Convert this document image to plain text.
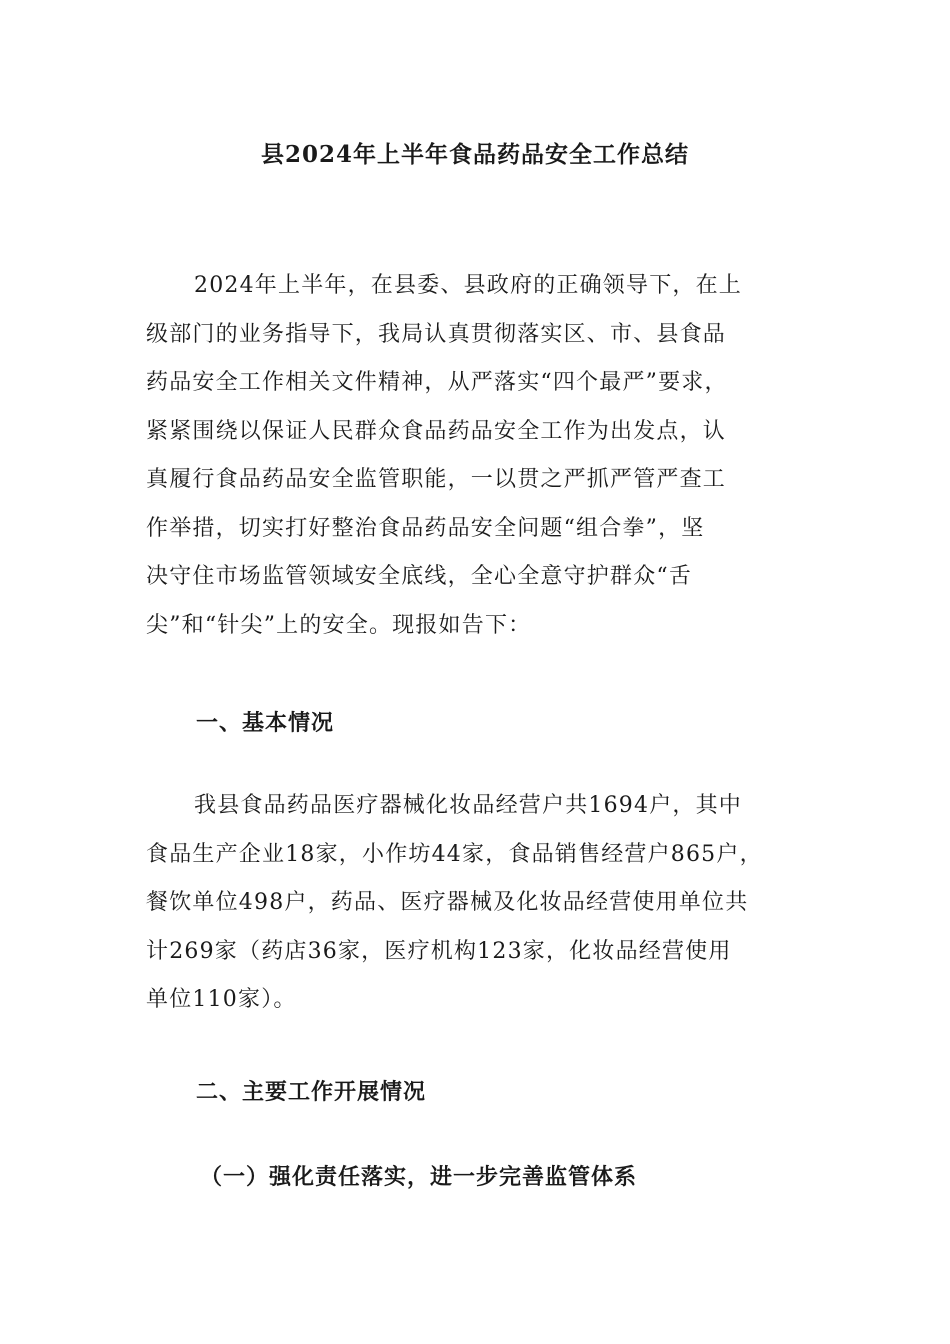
县2024年上半年食品药品安全工作总结

2024年上半年，在县委、县政府的正确领导下，在上
级部门的业务指导下，我局认真贯彻落实区、市、县食品
药品安全工作相关文件精神，从严落实“四个最严”要求，
紧紧围绕以保证人民群众食品药品安全工作为出发点，认
真履行食品药品安全监管职能，一以贯之严抓严管严查工
作举措，切实打好整治食品药品安全问题“组合拳”，坚
决守住市场监管领域安全底线，全心全意守护群众“舌
尖”和“针尖”上的安全。现报如告下：

一、基本情况

我县食品药品医疗器械化妆品经营户共1694户，其中
食品生产企业18家，小作坊44家，食品销售经营户865户，
餐饮单位498户，药品、医疗器械及化妆品经营使用单位共
计269家（药店36家，医疗机构123家，化妆品经营使用
单位110家）。

二、主要工作开展情况
（一）强化责任落实，进一步完善监管体系
